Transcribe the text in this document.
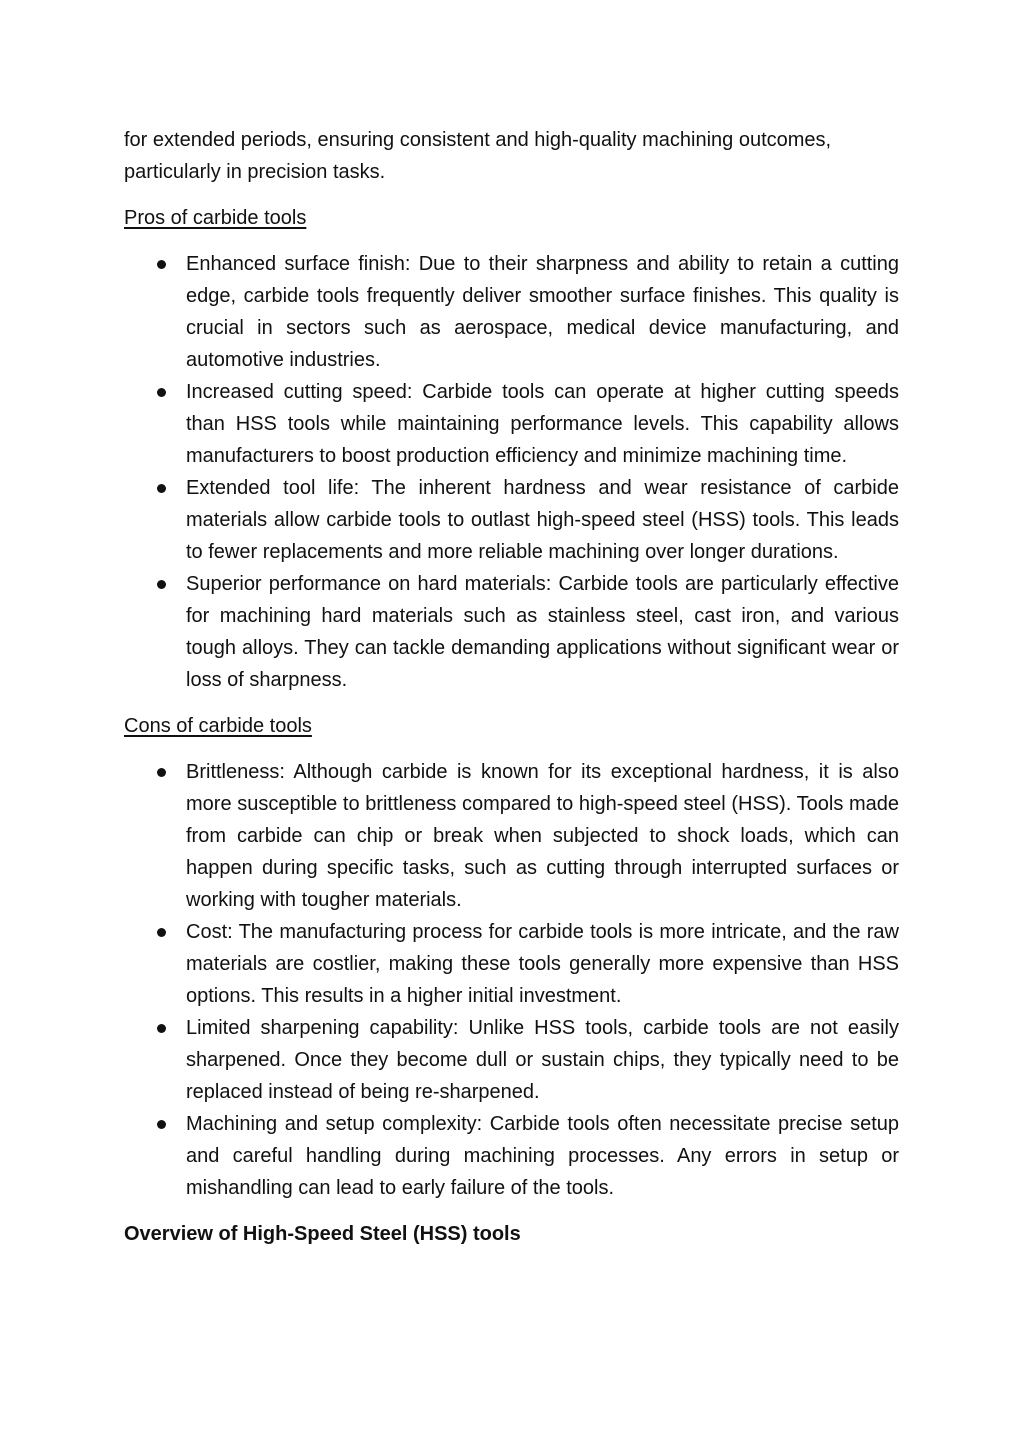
for extended periods, ensuring consistent and high-quality machining outcomes, particularly in precision tasks.

Pros of carbide tools

Enhanced surface finish: Due to their sharpness and ability to retain a cutting edge, carbide tools frequently deliver smoother surface finishes. This quality is crucial in sectors such as aerospace, medical device manufacturing, and automotive industries.
Increased cutting speed: Carbide tools can operate at higher cutting speeds than HSS tools while maintaining performance levels. This capability allows manufacturers to boost production efficiency and minimize machining time.
Extended tool life: The inherent hardness and wear resistance of carbide materials allow carbide tools to outlast high-speed steel (HSS) tools. This leads to fewer replacements and more reliable machining over longer durations.
Superior performance on hard materials: Carbide tools are particularly effective for machining hard materials such as stainless steel, cast iron, and various tough alloys. They can tackle demanding applications without significant wear or loss of sharpness.

Cons of carbide tools

Brittleness: Although carbide is known for its exceptional hardness, it is also more susceptible to brittleness compared to high-speed steel (HSS). Tools made from carbide can chip or break when subjected to shock loads, which can happen during specific tasks, such as cutting through interrupted surfaces or working with tougher materials.
Cost: The manufacturing process for carbide tools is more intricate, and the raw materials are costlier, making these tools generally more expensive than HSS options. This results in a higher initial investment.
Limited sharpening capability: Unlike HSS tools, carbide tools are not easily sharpened. Once they become dull or sustain chips, they typically need to be replaced instead of being re-sharpened.
Machining and setup complexity: Carbide tools often necessitate precise setup and careful handling during machining processes. Any errors in setup or mishandling can lead to early failure of the tools.

Overview of High-Speed Steel (HSS) tools
